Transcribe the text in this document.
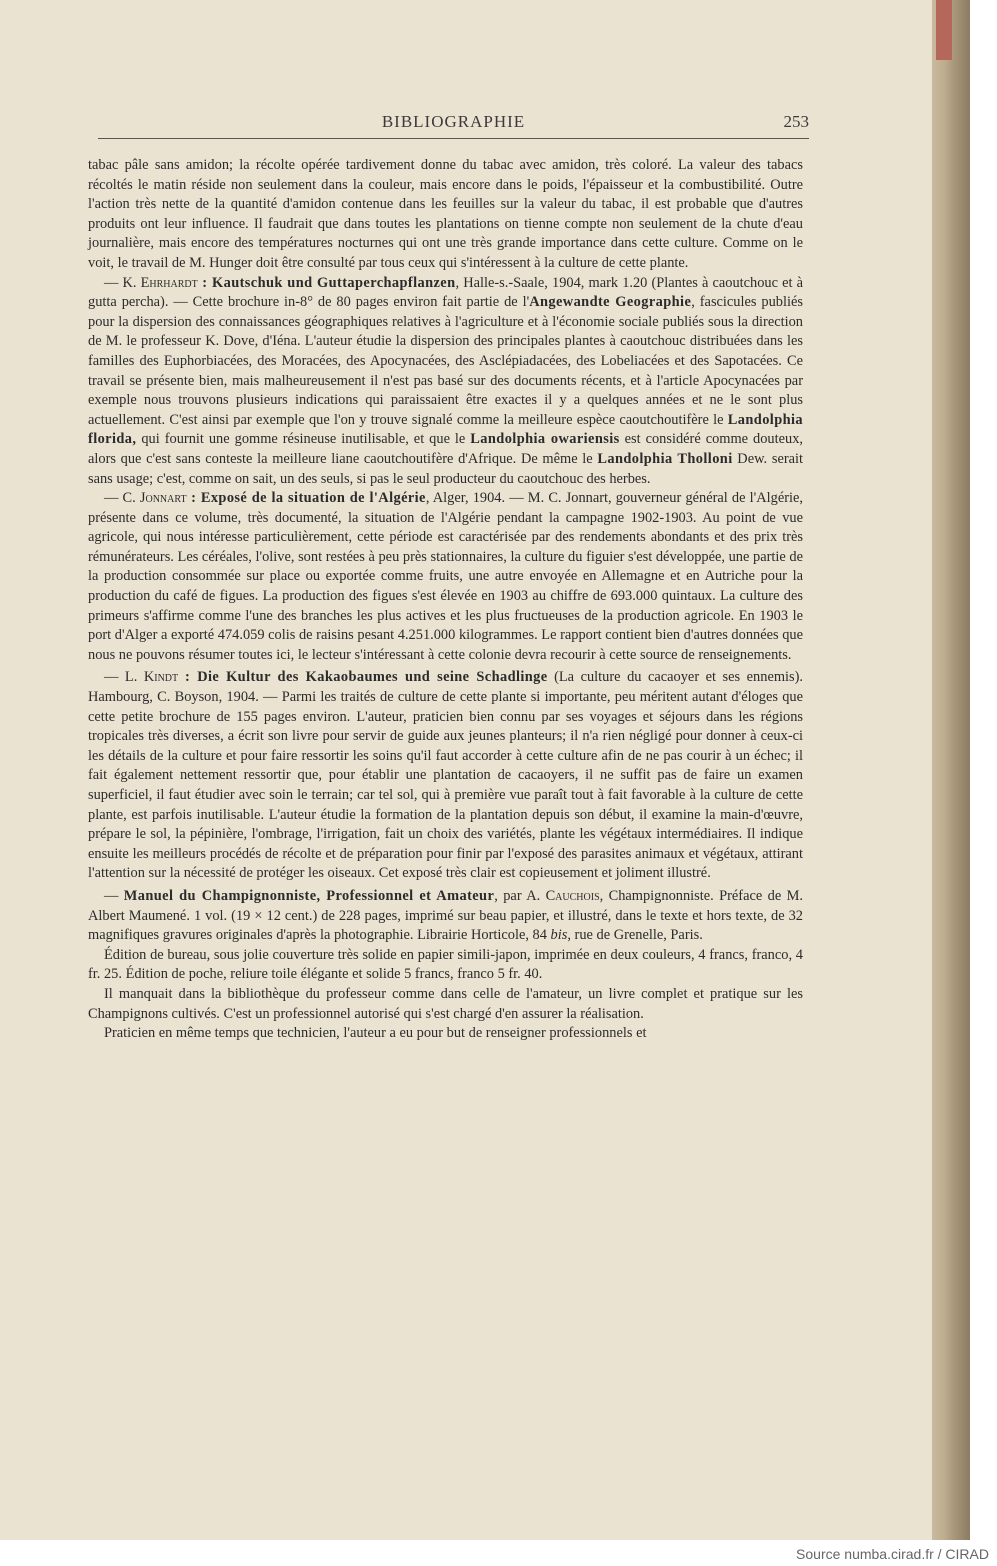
BIBLIOGRAPHIE	253

tabac pâle sans amidon; la récolte opérée tardivement donne du tabac avec amidon, très coloré. La valeur des tabacs récoltés le matin réside non seulement dans la couleur, mais encore dans le poids, l'épaisseur et la combustibilité. Outre l'action très nette de la quantité d'amidon contenue dans les feuilles sur la valeur du tabac, il est probable que d'autres produits ont leur influence. Il faudrait que dans toutes les plantations on tienne compte non seulement de la chute d'eau journalière, mais encore des températures nocturnes qui ont une très grande importance dans cette culture. Comme on le voit, le travail de M. Hunger doit être consulté par tous ceux qui s'intéressent à la culture de cette plante.

— K. Ehrhardt : Kautschuk und Guttaperchapflanzen, Halle-s.-Saale, 1904, mark 1.20 (Plantes à caoutchouc et à gutta percha). — Cette brochure in-8° de 80 pages environ fait partie de l'Angewandte Geographie, fascicules publiés pour la dispersion des connaissances géographiques relatives à l'agriculture et à l'économie sociale publiés sous la direction de M. le professeur K. Dove, d'Iéna. L'auteur étudie la dispersion des principales plantes à caoutchouc distribuées dans les familles des Euphorbiacées, des Moracées, des Apocynacées, des Asclépiadacées, des Lobeliacées et des Sapotacées. Ce travail se présente bien, mais malheureusement il n'est pas basé sur des documents récents, et à l'article Apocynacées par exemple nous trouvons plusieurs indications qui paraissaient être exactes il y a quelques années et ne le sont plus actuellement. C'est ainsi par exemple que l'on y trouve signalé comme la meilleure espèce caoutchoutifère le Landolphia florida, qui fournit une gomme résineuse inutilisable, et que le Landolphia owariensis est considéré comme douteux, alors que c'est sans conteste la meilleure liane caoutchoutifère d'Afrique. De même le Landolphia Tholloni Dew. serait sans usage; c'est, comme on sait, un des seuls, si pas le seul producteur du caoutchouc des herbes.

— C. Jonnart : Exposé de la situation de l'Algérie, Alger, 1904. — M. C. Jonnart, gouverneur général de l'Algérie, présente dans ce volume, très documenté, la situation de l'Algérie pendant la campagne 1902-1903. Au point de vue agricole, qui nous intéresse particulièrement, cette période est caractérisée par des rendements abondants et des prix très rémunérateurs. Les céréales, l'olive, sont restées à peu près stationnaires, la culture du figuier s'est développée, une partie de la production consommée sur place ou exportée comme fruits, une autre envoyée en Allemagne et en Autriche pour la production du café de figues. La production des figues s'est élevée en 1903 au chiffre de 693.000 quintaux. La culture des primeurs s'affirme comme l'une des branches les plus actives et les plus fructueuses de la production agricole. En 1903 le port d'Alger a exporté 474.059 colis de raisins pesant 4.251.000 kilogrammes. Le rapport contient bien d'autres données que nous ne pouvons résumer toutes ici, le lecteur s'intéressant à cette colonie devra recourir à cette source de renseignements.

— L. Kindt : Die Kultur des Kakaobaumes und seine Schadlinge (La culture du cacaoyer et ses ennemis). Hambourg, C. Boyson, 1904. — Parmi les traités de culture de cette plante si importante, peu méritent autant d'éloges que cette petite brochure de 155 pages environ. L'auteur, praticien bien connu par ses voyages et séjours dans les régions tropicales très diverses, a écrit son livre pour servir de guide aux jeunes planteurs; il n'a rien négligé pour donner à ceux-ci les détails de la culture et pour faire ressortir les soins qu'il faut accorder à cette culture afin de ne pas courir à un échec; il fait également nettement ressortir que, pour établir une plantation de cacaoyers, il ne suffit pas de faire un examen superficiel, il faut étudier avec soin le terrain; car tel sol, qui à première vue paraît tout à fait favorable à la culture de cette plante, est parfois inutilisable. L'auteur étudie la formation de la plantation depuis son début, il examine la main-d'œuvre, prépare le sol, la pépinière, l'ombrage, l'irrigation, fait un choix des variétés, plante les végétaux intermédiaires. Il indique ensuite les meilleurs procédés de récolte et de préparation pour finir par l'exposé des parasites animaux et végétaux, attirant l'attention sur la nécessité de protéger les oiseaux. Cet exposé très clair est copieusement et joliment illustré.

— Manuel du Champignonniste, Professionnel et Amateur, par A. Cauchois, Champignonniste. Préface de M. Albert Maumené. 1 vol. (19 × 12 cent.) de 228 pages, imprimé sur beau papier, et illustré, dans le texte et hors texte, de 32 magnifiques gravures originales d'après la photographie. Librairie Horticole, 84 bis, rue de Grenelle, Paris.

Édition de bureau, sous jolie couverture très solide en papier simili-japon, imprimée en deux couleurs, 4 francs, franco, 4 fr. 25. Édition de poche, reliure toile élégante et solide 5 francs, franco 5 fr. 40.

Il manquait dans la bibliothèque du professeur comme dans celle de l'amateur, un livre complet et pratique sur les Champignons cultivés. C'est un professionnel autorisé qui s'est chargé d'en assurer la réalisation.

Praticien en même temps que technicien, l'auteur a eu pour but de renseigner professionnels et

Source numba.cirad.fr / CIRAD
